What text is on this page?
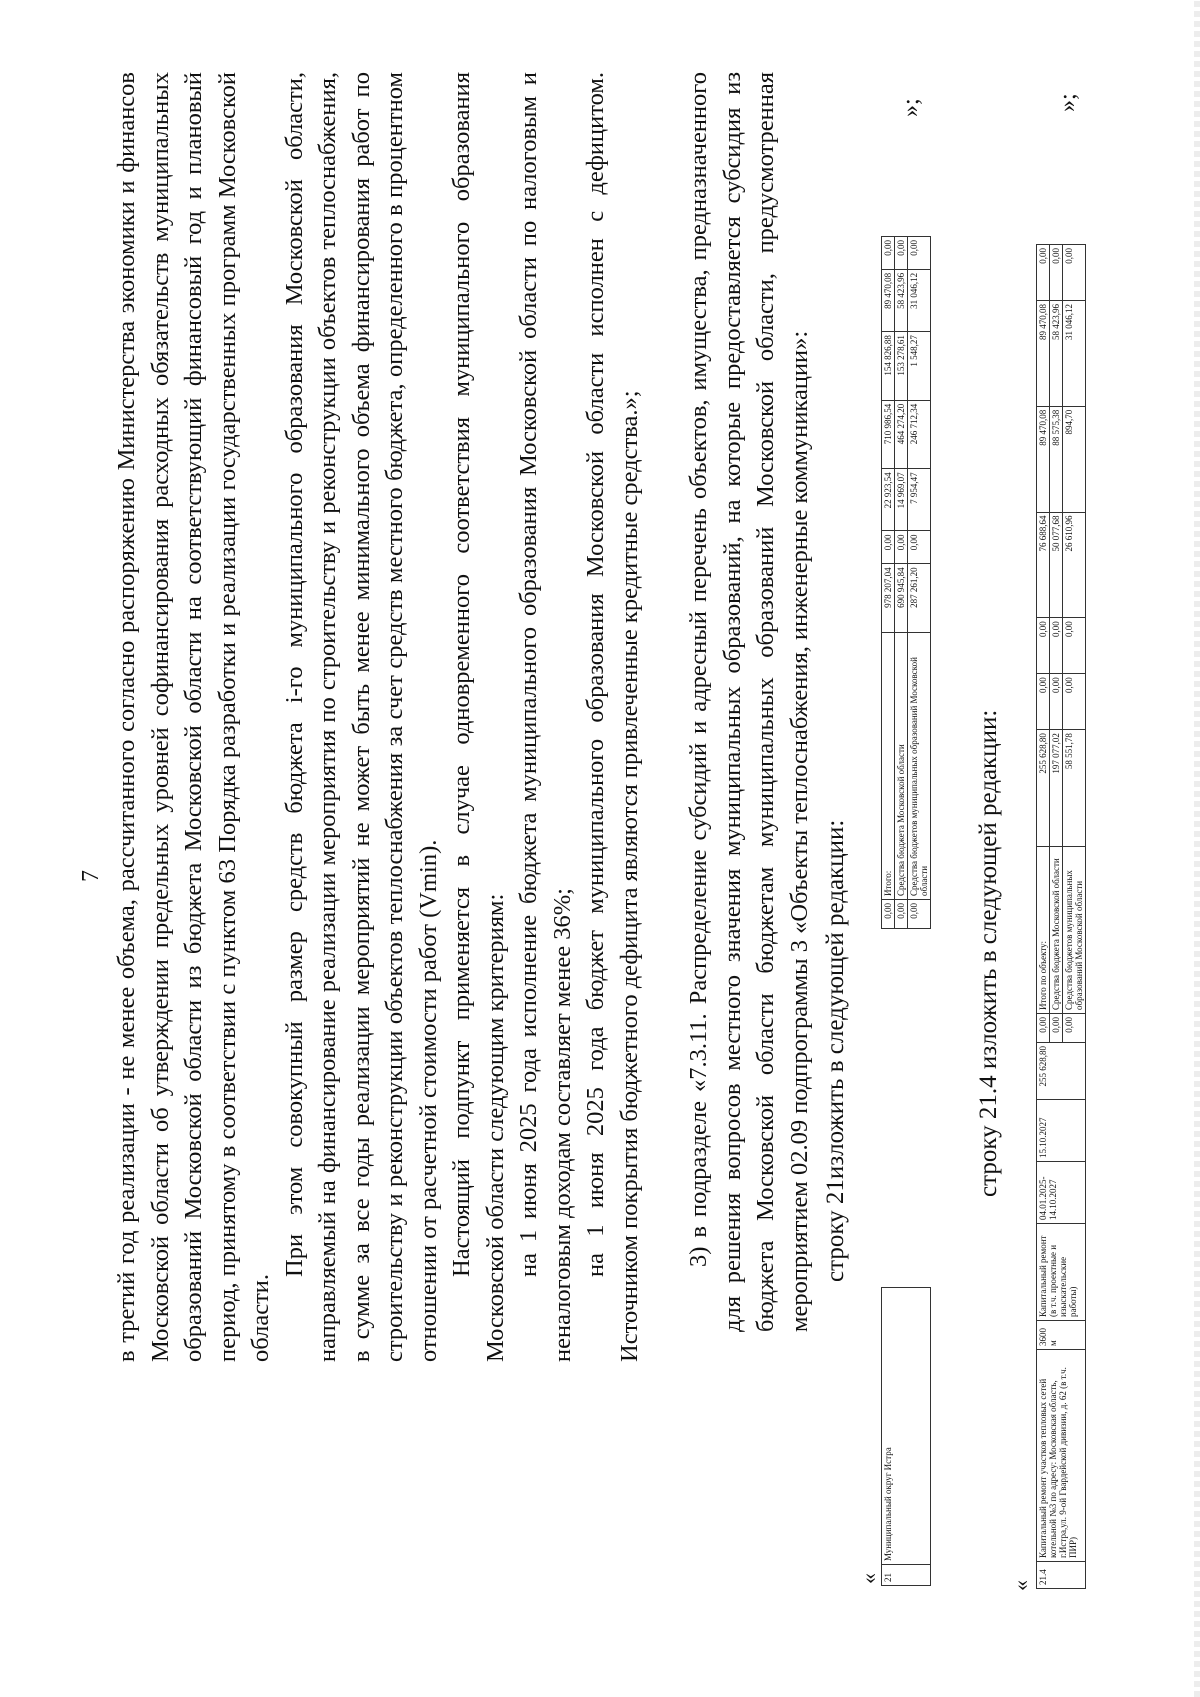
7 в третий год реализации - не менее объема, рассчитанного согласно распоряжению Министерства экономики и финансов Московской области об утверждении предельных уровней софинансирования расходных обязательств муниципальных образований Московской области из бюджета Московской области на соответствующий финансовый год и плановый период, принятому в соответствии с пунктом 63 Порядка разработки и реализации государственных программ Московской области.
При этом совокупный размер средств бюджета i-го муниципального образования Московской области, направляемый на финансирование реализации мероприятия по строительству и реконструкции объектов теплоснабжения, в сумме за все годы реализации мероприятий не может быть менее минимального объема финансирования работ по строительству и реконструкции объектов теплоснабжения за счет средств местного бюджета, определенного в процентном отношении от расчетной стоимости работ (Vmin). Настоящий подпункт применяется в случае одновременного соответствия муниципального образования Московской области следующим критериям: на 1 июня 2025 года исполнение бюджета муниципального образования Московской области по налоговым и неналоговым доходам составляет менее 36%; на 1 июня 2025 года бюджет муниципального образования Московской области исполнен с дефицитом. Источником покрытия бюджетного дефицита являются привлеченные кредитные средства.»; 3) в подразделе «7.3.11. Распределение субсидий и адресный перечень объектов, имущества, предназначенного для решения вопросов местного значения муниципальных образований, на которые предоставляется субсидия из бюджета Московской области бюджетам муниципальных образований Московской области, предусмотренная мероприятием 02.09 подпрограммы 3 «Объекты теплоснабжения, инженерные коммуникации»: строку 21изложить в следующей редакции:
« 21	Муниципальный округ Истра		0,00	Итого:	978 207,04	0,00	22 923,54	710 986,54	154 826,88	89 470,08	0,00
			0,00	Средства бюджета Московской области	690 945,84	0,00	14 969,07	464 274,20	153 278,61	58 423,96	0,00
			0,00	Средства бюджетов муниципальных образований Московской области	287 261,20	0,00	7 954,47	246 712,34	1 548,27	31 046,12	0,00
»;
строку 21.4 изложить в следующей редакции:
«
21.4	Капитальный ремонт участков тепловых сетей котельной №3 по адресу: Московская область, г.Истра,ул. 9-ой Гвардейской дивизии, д. 62 (в т.ч. ПИР)	3600 м	Капитальный ремонт (в т.ч. проектные и изыскательские работы)	04.01.2025-14.10.2027	15.10.2027	255 628,80	0,00	Итого по объекту:	255 628,80	0,00	0,00	76 688,64	89 470,08	89 470,08	0,00
							0,00	Средства бюджета Московской области	197 077,02	0,00	0,00	50 077,68	88 575,38	58 423,96	0,00
							0,00	Средства бюджетов муниципальных образований Московской области	58 551,78	0,00	0,00	26 610,96	894,70	31 046,12	0,00
»;
